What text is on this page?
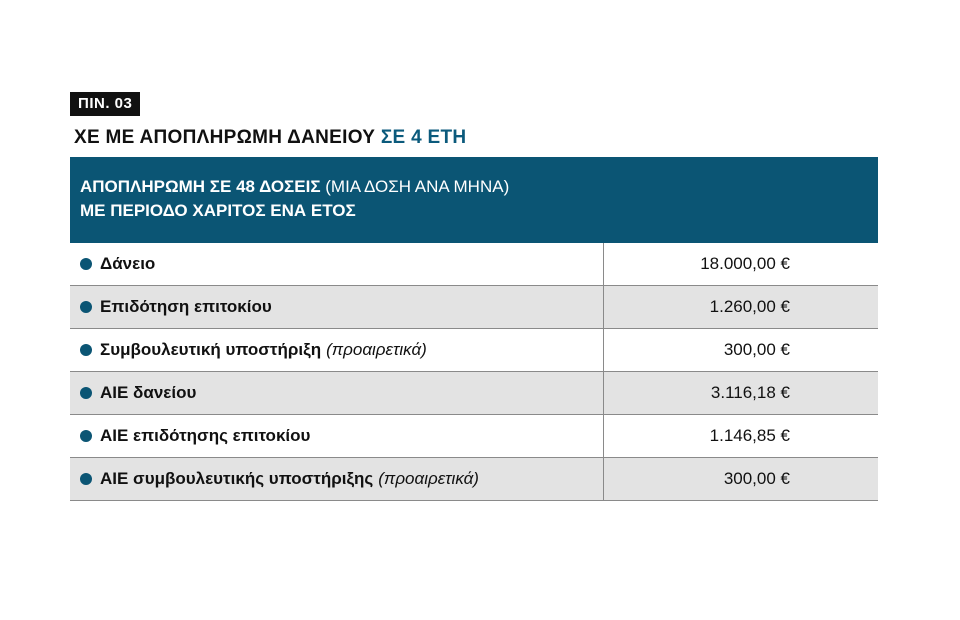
ΠΙΝ. 03
ΧΕ ΜΕ ΑΠΟΠΛΗΡΩΜΗ ΔΑΝΕΙΟΥ ΣΕ 4 ΕΤΗ
ΑΠΟΠΛΗΡΩΜΗ ΣΕ 48 ΔΟΣΕΙΣ (ΜΙΑ ΔΟΣΗ ΑΝΑ ΜΗΝΑ)
ΜΕ ΠΕΡΙΟΔΟ ΧΑΡΙΤΟΣ ΕΝΑ ΕΤΟΣ
Δάνειο	18.000,00 €
Επιδότηση επιτοκίου	1.260,00 €
Συμβουλευτική υποστήριξη (προαιρετικά)	300,00 €
ΑΙΕ δανείου	3.116,18 €
ΑΙΕ επιδότησης επιτοκίου	1.146,85 €
ΑΙΕ συμβουλευτικής υποστήριξης (προαιρετικά)	300,00 €
